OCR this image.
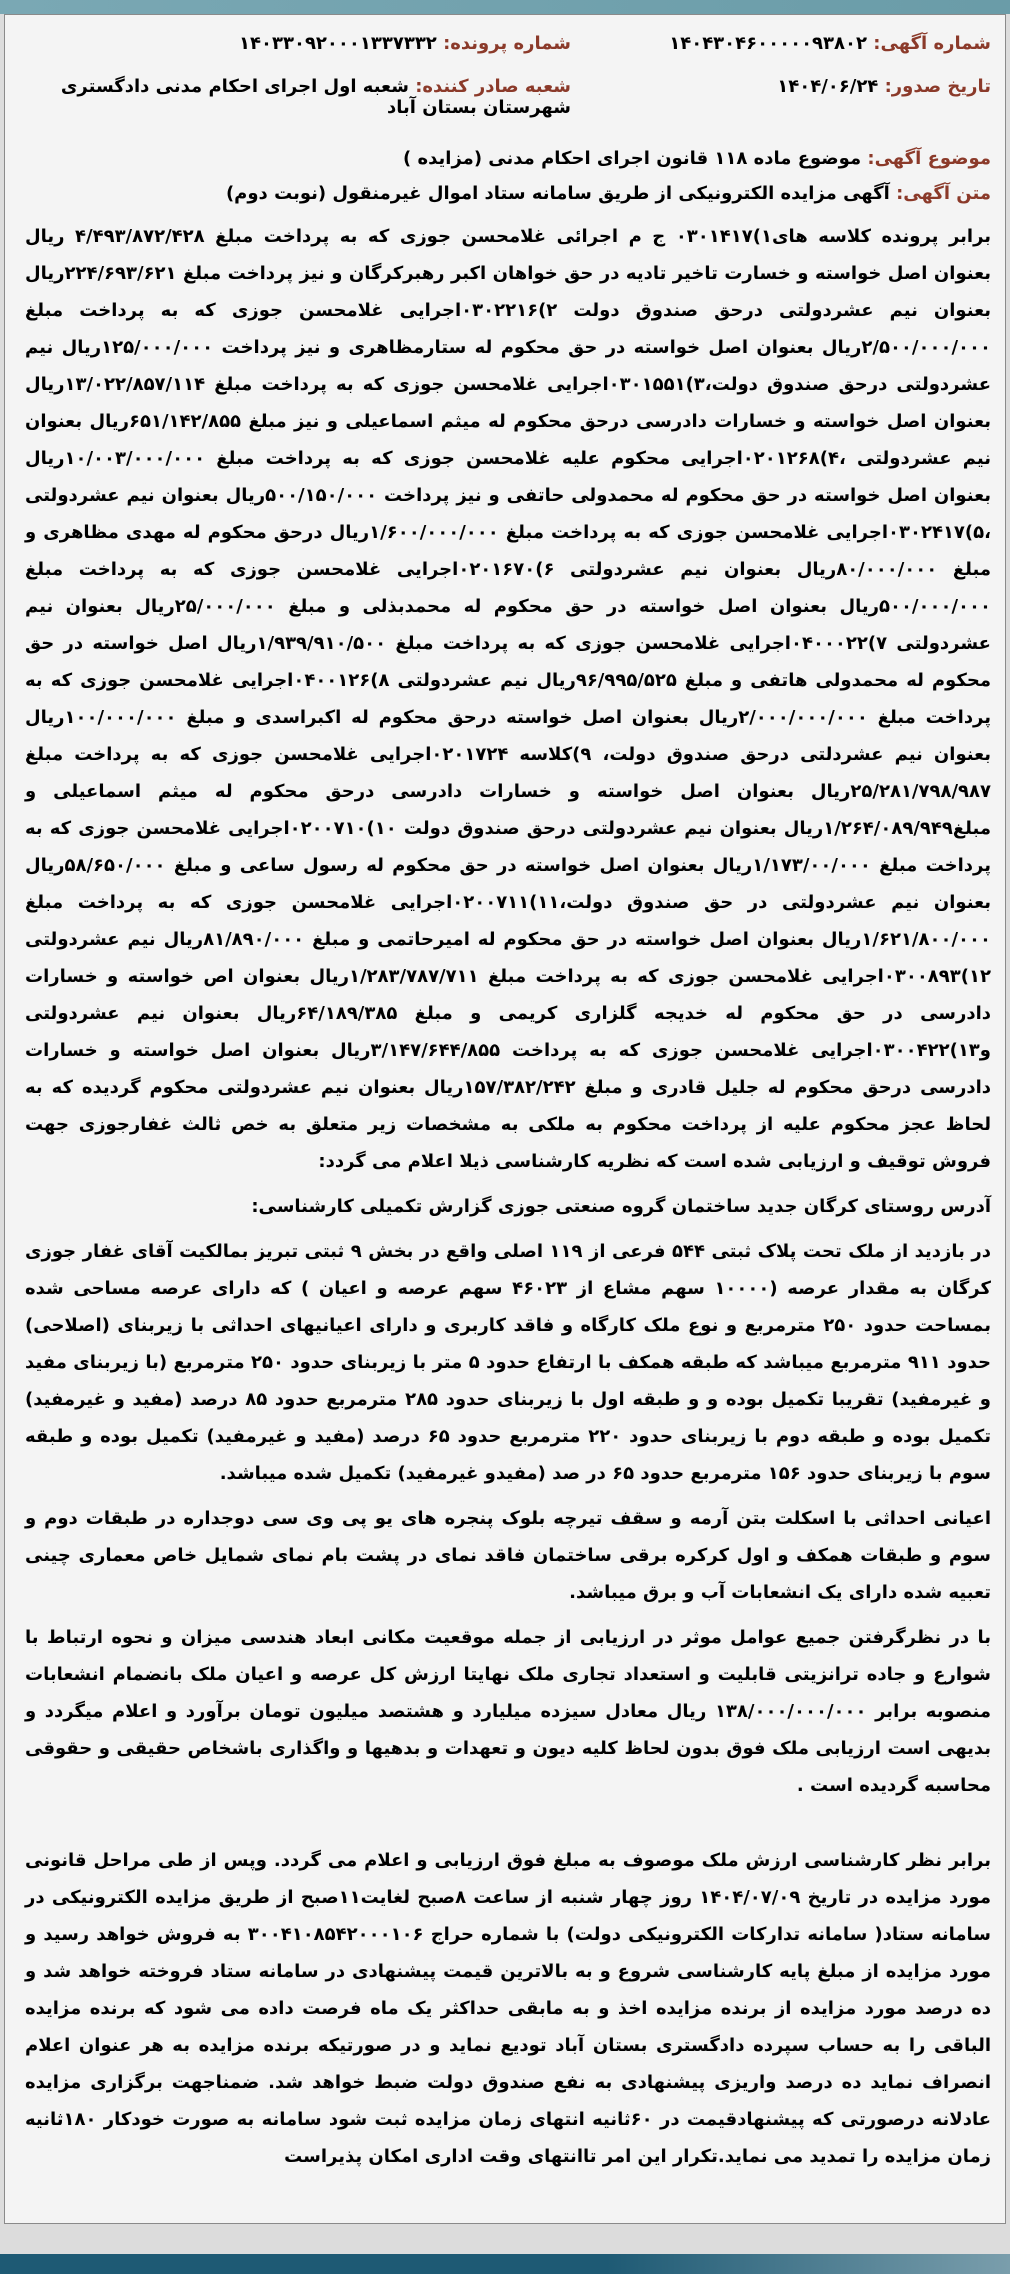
شماره آگهی: ۱۴۰۴۳۰۴۶۰۰۰۰۰۹۳۸۰۲
شماره پرونده: ۱۴۰۳۳۰۹۲۰۰۰۱۳۳۷۳۳۲
تاریخ صدور: ۱۴۰۴/۰۶/۲۴
شعبه صادر کننده: شعبه اول اجرای احکام مدنی دادگستری شهرستان بستان آباد

موضوع آگهی: موضوع ماده ۱۱۸ قانون اجرای احکام مدنی (مزایده )

متن آگهی: آگهی مزایده الکترونیکی از طریق سامانه ستاد اموال غیرمنقول (نوبت دوم)

برابر پرونده کلاسه های۱)۰۳۰۱۴۱۷ ج م اجرائی غلامحسن جوزی که به پرداخت مبلغ ۴/۴۹۳/۸۷۲/۴۲۸ ریال بعنوان اصل خواسته و خسارت تاخیر تادیه در حق خواهان اکبر رهبرکرگان و نیز پرداخت مبلغ ۲۲۴/۶۹۳/۶۲۱ریال بعنوان نیم عشردولتی درحق صندوق دولت ۲)۰۳۰۲۲۱۶اجرایی غلامحسن جوزی که به پرداخت مبلغ ۲/۵۰۰/۰۰۰/۰۰۰ریال بعنوان اصل خواسته در حق محکوم له ستارمظاهری و نیز پرداخت ۱۲۵/۰۰۰/۰۰۰ریال نیم عشردولتی درحق صندوق دولت،۳)۰۳۰۱۵۵۱اجرایی غلامحسن جوزی که به پرداخت مبلغ ۱۳/۰۲۲/۸۵۷/۱۱۴ریال بعنوان اصل خواسته و خسارات دادرسی درحق محکوم له میثم اسماعیلی و نیز مبلغ ۶۵۱/۱۴۲/۸۵۵ریال بعنوان نیم عشردولتی ،۴)۰۲۰۱۲۶۸اجرایی محکوم علیه غلامحسن جوزی که به پرداخت مبلغ ۱۰/۰۰۳/۰۰۰/۰۰۰ریال بعنوان اصل خواسته در حق محکوم له محمدولی حاتفی و نیز پرداخت ۵۰۰/۱۵۰/۰۰۰ریال بعنوان نیم عشردولتی ،۵)۰۳۰۲۴۱۷اجرایی غلامحسن جوزی که به پرداخت مبلغ ۱/۶۰۰/۰۰۰/۰۰۰ریال درحق محکوم له مهدی مظاهری و مبلغ ۸۰/۰۰۰/۰۰۰ریال بعنوان نیم عشردولتی ۶)۰۲۰۱۶۷۰اجرایی غلامحسن جوزی که به پرداخت مبلغ ۵۰۰/۰۰۰/۰۰۰ریال بعنوان اصل خواسته در حق محکوم له محمدبذلی و مبلغ ۲۵/۰۰۰/۰۰۰ریال بعنوان نیم عشردولتی ۷)۰۴۰۰۰۲۲اجرایی غلامحسن جوزی که به پرداخت مبلغ ۱/۹۳۹/۹۱۰/۵۰۰ریال اصل خواسته در حق محکوم له محمدولی هاتفی و مبلغ ۹۶/۹۹۵/۵۲۵ریال نیم عشردولتی ۸)۰۴۰۰۱۲۶اجرایی غلامحسن جوزی که به پرداخت مبلغ ۲/۰۰۰/۰۰۰/۰۰۰ریال بعنوان اصل خواسته درحق محکوم له اکبراسدی و مبلغ ۱۰۰/۰۰۰/۰۰۰ریال بعنوان نیم عشردلتی درحق صندوق دولت، ۹)کلاسه ۰۲۰۱۷۲۴اجرایی غلامحسن جوزی که به پرداخت مبلغ ۲۵/۲۸۱/۷۹۸/۹۸۷ریال بعنوان اصل خواسته و خسارات دادرسی درحق محکوم له میثم اسماعیلی و مبلغ۱/۲۶۴/۰۸۹/۹۴۹ریال بعنوان نیم عشردولتی درحق صندوق دولت ۱۰)۰۲۰۰۷۱۰اجرایی غلامحسن جوزی که به پرداخت مبلغ ۱/۱۷۳/۰۰/۰۰۰ریال بعنوان اصل خواسته در حق محکوم له رسول ساعی و مبلغ ۵۸/۶۵۰/۰۰۰ریال بعنوان نیم عشردولتی در حق صندوق دولت،۱۱)۰۲۰۰۷۱۱اجرایی غلامحسن جوزی که به پرداخت مبلغ ۱/۶۲۱/۸۰۰/۰۰۰ریال بعنوان اصل خواسته در حق محکوم له امیرحاتمی و مبلغ ۸۱/۸۹۰/۰۰۰ریال نیم عشردولتی ۱۲)۰۳۰۰۸۹۳اجرایی غلامحسن جوزی که به پرداخت مبلغ ۱/۲۸۳/۷۸۷/۷۱۱ریال بعنوان اص خواسته و خسارات دادرسی در حق محکوم له خدیجه گلزاری کریمی و مبلغ ۶۴/۱۸۹/۳۸۵ریال بعنوان نیم عشردولتی و۱۳)۰۳۰۰۴۲۲اجرایی غلامحسن جوزی که به پرداخت ۳/۱۴۷/۶۴۴/۸۵۵ریال بعنوان اصل خواسته و خسارات دادرسی درحق محکوم له جلیل قادری و مبلغ ۱۵۷/۳۸۲/۲۴۲ریال بعنوان نیم عشردولتی محکوم گردیده که به لحاظ عجز محکوم علیه از پرداخت محکوم به ملکی به مشخصات زیر متعلق به خص ثالث غفارجوزی جهت فروش توقیف و ارزیابی شده است که نظریه کارشناسی ذیلا اعلام می گردد:

آدرس روستای کرگان جدید ساختمان گروه صنعتی جوزی گزارش تکمیلی کارشناسی:

در بازدید از ملک تحت پلاک ثبتی ۵۴۴ فرعی از ۱۱۹ اصلی واقع در بخش ۹ ثبتی تبریز بمالکیت آقای غفار جوزی کرگان به مقدار عرصه (۱۰۰۰۰ سهم مشاع از ۴۶۰۲۳ سهم عرصه و اعیان ) که دارای عرصه مساحی شده بمساحت حدود ۲۵۰ مترمربع و نوع ملک کارگاه و فاقد کاربری و دارای اعیانیهای احداثی با زیربنای (اصلاحی) حدود ۹۱۱ مترمربع میباشد که طبقه همکف با ارتفاع حدود ۵ متر با زیربنای حدود ۲۵۰ مترمربع (با زیربنای مفید و غیرمفید) تقریبا تکمیل بوده و و طبقه اول با زیربنای حدود ۲۸۵ مترمربع حدود ۸۵ درصد (مفید و غیرمفید) تکمیل بوده و طبقه دوم با زیربنای حدود ۲۲۰ مترمربع حدود ۶۵ درصد (مفید و غیرمفید) تکمیل بوده و طبقه سوم با زیربنای حدود ۱۵۶ مترمربع حدود ۶۵ در صد (مفیدو غیرمفید) تکمیل شده میباشد.

اعیانی احداثی با اسکلت بتن آرمه و سقف تیرچه بلوک پنجره های یو پی وی سی دوجداره در طبقات دوم و سوم و طبقات همکف و اول کرکره برقی ساختمان فاقد نمای در پشت بام نمای شمایل خاص معماری چینی تعبیه شده دارای یک انشعابات آب و برق میباشد.

با در نظرگرفتن جمیع عوامل موثر در ارزیابی از جمله موقعیت مکانی ابعاد هندسی میزان و نحوه ارتباط با شوارع و جاده ترانزیتی قابلیت و استعداد تجاری ملک نهایتا ارزش کل عرصه و اعیان ملک بانضمام انشعابات منصوبه برابر ۱۳۸/۰۰۰/۰۰۰/۰۰۰ ریال معادل سیزده میلیارد و هشتصد میلیون تومان برآورد و اعلام میگردد و بدیهی است ارزیابی ملک فوق بدون لحاظ کلیه دیون و تعهدات و بدهیها و واگذاری باشخاص حقیقی و حقوقی محاسبه گردیده است .

برابر نظر کارشناسی ارزش ملک موصوف به مبلغ فوق ارزیابی و اعلام می گردد. وپس از طی مراحل قانونی مورد مزایده در تاریخ ۱۴۰۴/۰۷/۰۹ روز چهار شنبه از ساعت ۸صبح لغایت۱۱صبح از طریق مزایده الکترونیکی در سامانه ستاد( سامانه تدارکات الکترونیکی دولت) با شماره حراج ۳۰۰۴۱۰۸۵۴۲۰۰۰۱۰۶ به فروش خواهد رسید و مورد مزایده از مبلغ پایه کارشناسی شروع و به بالاترین قیمت پیشنهادی در سامانه ستاد فروخته خواهد شد و ده درصد مورد مزایده از برنده مزایده اخذ و به مابقی حداکثر یک ماه فرصت داده می شود که برنده مزایده الباقی را به حساب سپرده دادگستری بستان آباد تودیع نماید و در صورتیکه برنده مزایده به هر عنوان اعلام انصراف نماید ده درصد واریزی پیشنهادی به نفع صندوق دولت ضبط خواهد شد. ضمناجهت برگزاری مزایده عادلانه درصورتی که پیشنهادقیمت در ۶۰ثانیه انتهای زمان مزایده ثبت شود سامانه به صورت خودکار ۱۸۰ثانیه زمان مزایده را تمدید می نماید.تکرار این امر تاانتهای وقت اداری امکان پذیراست
